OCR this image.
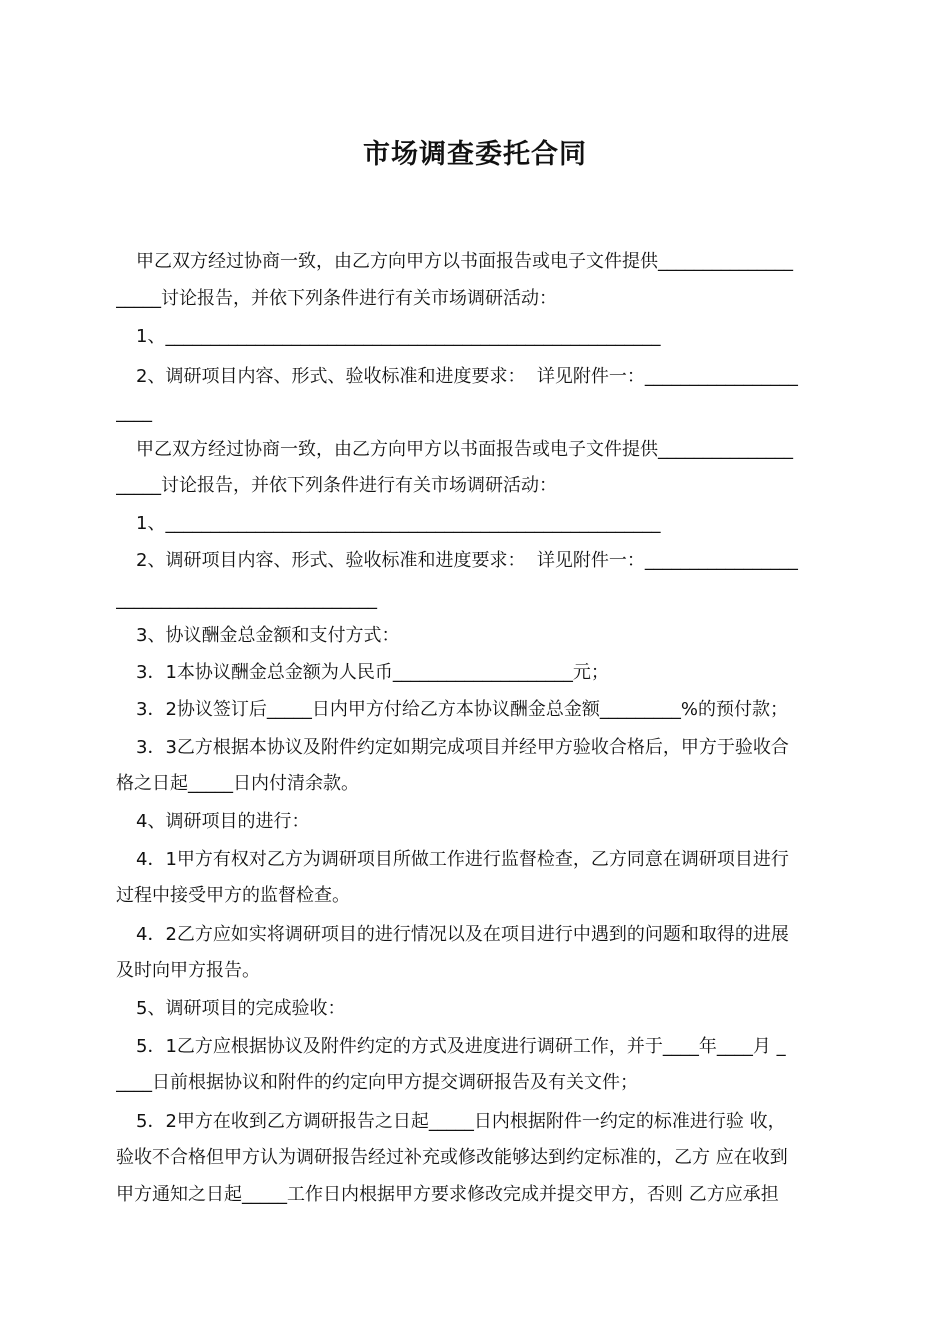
市场调查委托合同
甲乙双方经过协商一致，由乙方向甲方以书面报告或电子文件提供_______________
_____讨论报告，并依下列条件进行有关市场调研活动：
1、_______________________________________________________
2、调研项目内容、形式、验收标准和进度要求：  详见附件一：_________________
____
甲乙双方经过协商一致，由乙方向甲方以书面报告或电子文件提供_______________
_____讨论报告，并依下列条件进行有关市场调研活动：
1、_______________________________________________________
2、调研项目内容、形式、验收标准和进度要求：  详见附件一：_________________
_____________________________
3、协议酬金总金额和支付方式：
3．1本协议酬金总金额为人民币____________________元；
3．2协议签订后_____日内甲方付给乙方本协议酬金总金额_________%的预付款；
3．3乙方根据本协议及附件约定如期完成项目并经甲方验收合格后，甲方于验收合
格之日起_____日内付清余款。
4、调研项目的进行：
4．1甲方有权对乙方为调研项目所做工作进行监督检查，乙方同意在调研项目进行
过程中接受甲方的监督检查。
4．2乙方应如实将调研项目的进行情况以及在项目进行中遇到的问题和取得的进展
及时向甲方报告。
5、调研项目的完成验收：
5．1乙方应根据协议及附件约定的方式及进度进行调研工作，并于____年____月 _
____日前根据协议和附件的约定向甲方提交调研报告及有关文件；
5．2甲方在收到乙方调研报告之日起_____日内根据附件一约定的标准进行验 收，
验收不合格但甲方认为调研报告经过补充或修改能够达到约定标准的，乙方 应在收到
甲方通知之日起_____工作日内根据甲方要求修改完成并提交甲方，否则 乙方应承担
